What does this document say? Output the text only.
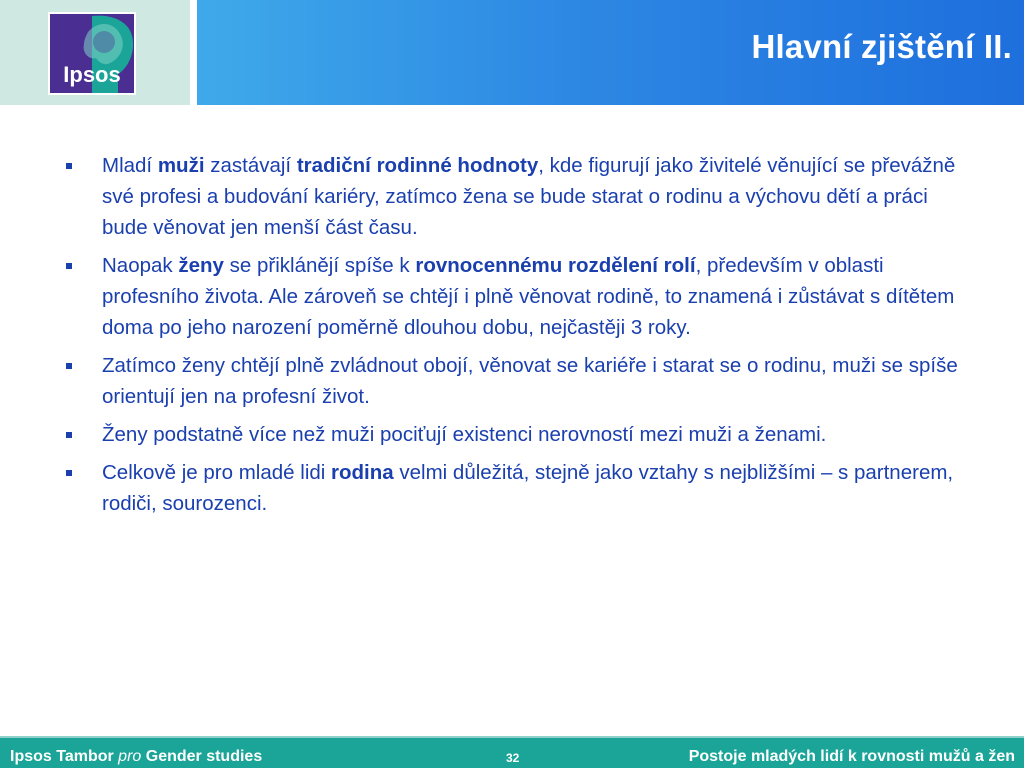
Ipsos
Hlavní zjištění II.
Mladí muži zastávají tradiční rodinné hodnoty, kde figurují jako živitelé věnující se převážně své profesi a budování kariéry, zatímco žena se bude starat o rodinu a výchovu dětí a práci bude věnovat jen menší část času.
Naopak ženy se přiklánějí spíše k rovnocennému rozdělení rolí, především v oblasti profesního života. Ale zároveň se chtějí i plně věnovat rodině, to znamená i zůstávat s dítětem doma po jeho narození poměrně dlouhou dobu, nejčastěji 3 roky.
Zatímco ženy chtějí plně zvládnout obojí, věnovat se kariéře i starat se o rodinu, muži se spíše orientují jen na profesní život.
Ženy podstatně více než muži pociťují existenci nerovností mezi muži a ženami.
Celkově je pro mladé lidi rodina velmi důležitá, stejně jako vztahy s nejbližšími – s partnerem, rodiči, sourozenci.
Ipsos Tambor pro Gender studies	32	Postoje mladých lidí k rovnosti mužů a žen
